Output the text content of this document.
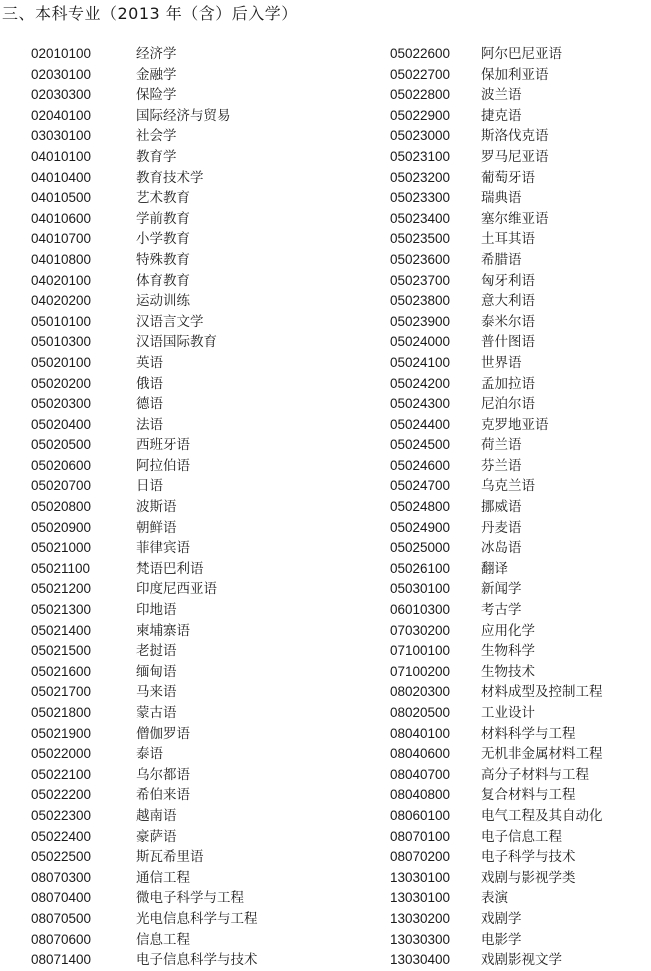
三、本科专业（2013 年（含）后入学）
02010100	经济学
02030100	金融学
02030300	保险学
02040100	国际经济与贸易
03030100	社会学
04010100	教育学
04010400	教育技术学
04010500	艺术教育
04010600	学前教育
04010700	小学教育
04010800	特殊教育
04020100	体育教育
04020200	运动训练
05010100	汉语言文学
05010300	汉语国际教育
05020100	英语
05020200	俄语
05020300	德语
05020400	法语
05020500	西班牙语
05020600	阿拉伯语
05020700	日语
05020800	波斯语
05020900	朝鲜语
05021000	菲律宾语
05021100	梵语巴利语
05021200	印度尼西亚语
05021300	印地语
05021400	柬埔寨语
05021500	老挝语
05021600	缅甸语
05021700	马来语
05021800	蒙古语
05021900	僧伽罗语
05022000	泰语
05022100	乌尔都语
05022200	希伯来语
05022300	越南语
05022400	豪萨语
05022500	斯瓦希里语
08070300	通信工程
08070400	微电子科学与工程
08070500	光电信息科学与工程
08070600	信息工程
08071400	电子信息科学与技术
05022600 阿尔巴尼亚语
05022700 保加利亚语
05022800 波兰语
05022900 捷克语
05023000 斯洛伐克语
05023100 罗马尼亚语
05023200 葡萄牙语
05023300 瑞典语
05023400 塞尔维亚语
05023500 土耳其语
05023600 希腊语
05023700 匈牙利语
05023800 意大利语
05023900 泰米尔语
05024000 普什图语
05024100 世界语
05024200 孟加拉语
05024300 尼泊尔语
05024400 克罗地亚语
05024500 荷兰语
05024600 芬兰语
05024700 乌克兰语
05024800 挪威语
05024900 丹麦语
05025000 冰岛语
05026100 翻译
05030100 新闻学
06010300 考古学
07030200 应用化学
07100100 生物科学
07100200 生物技术
08020300 材料成型及控制工程
08020500 工业设计
08040100 材料科学与工程
08040600 无机非金属材料工程
08040700 高分子材料与工程
08040800 复合材料与工程
08060100 电气工程及其自动化
08070100 电子信息工程
08070200 电子科学与技术
13030100 戏剧与影视学类
13030100 表演
13030200 戏剧学
13030300 电影学
13030400 戏剧影视文学
